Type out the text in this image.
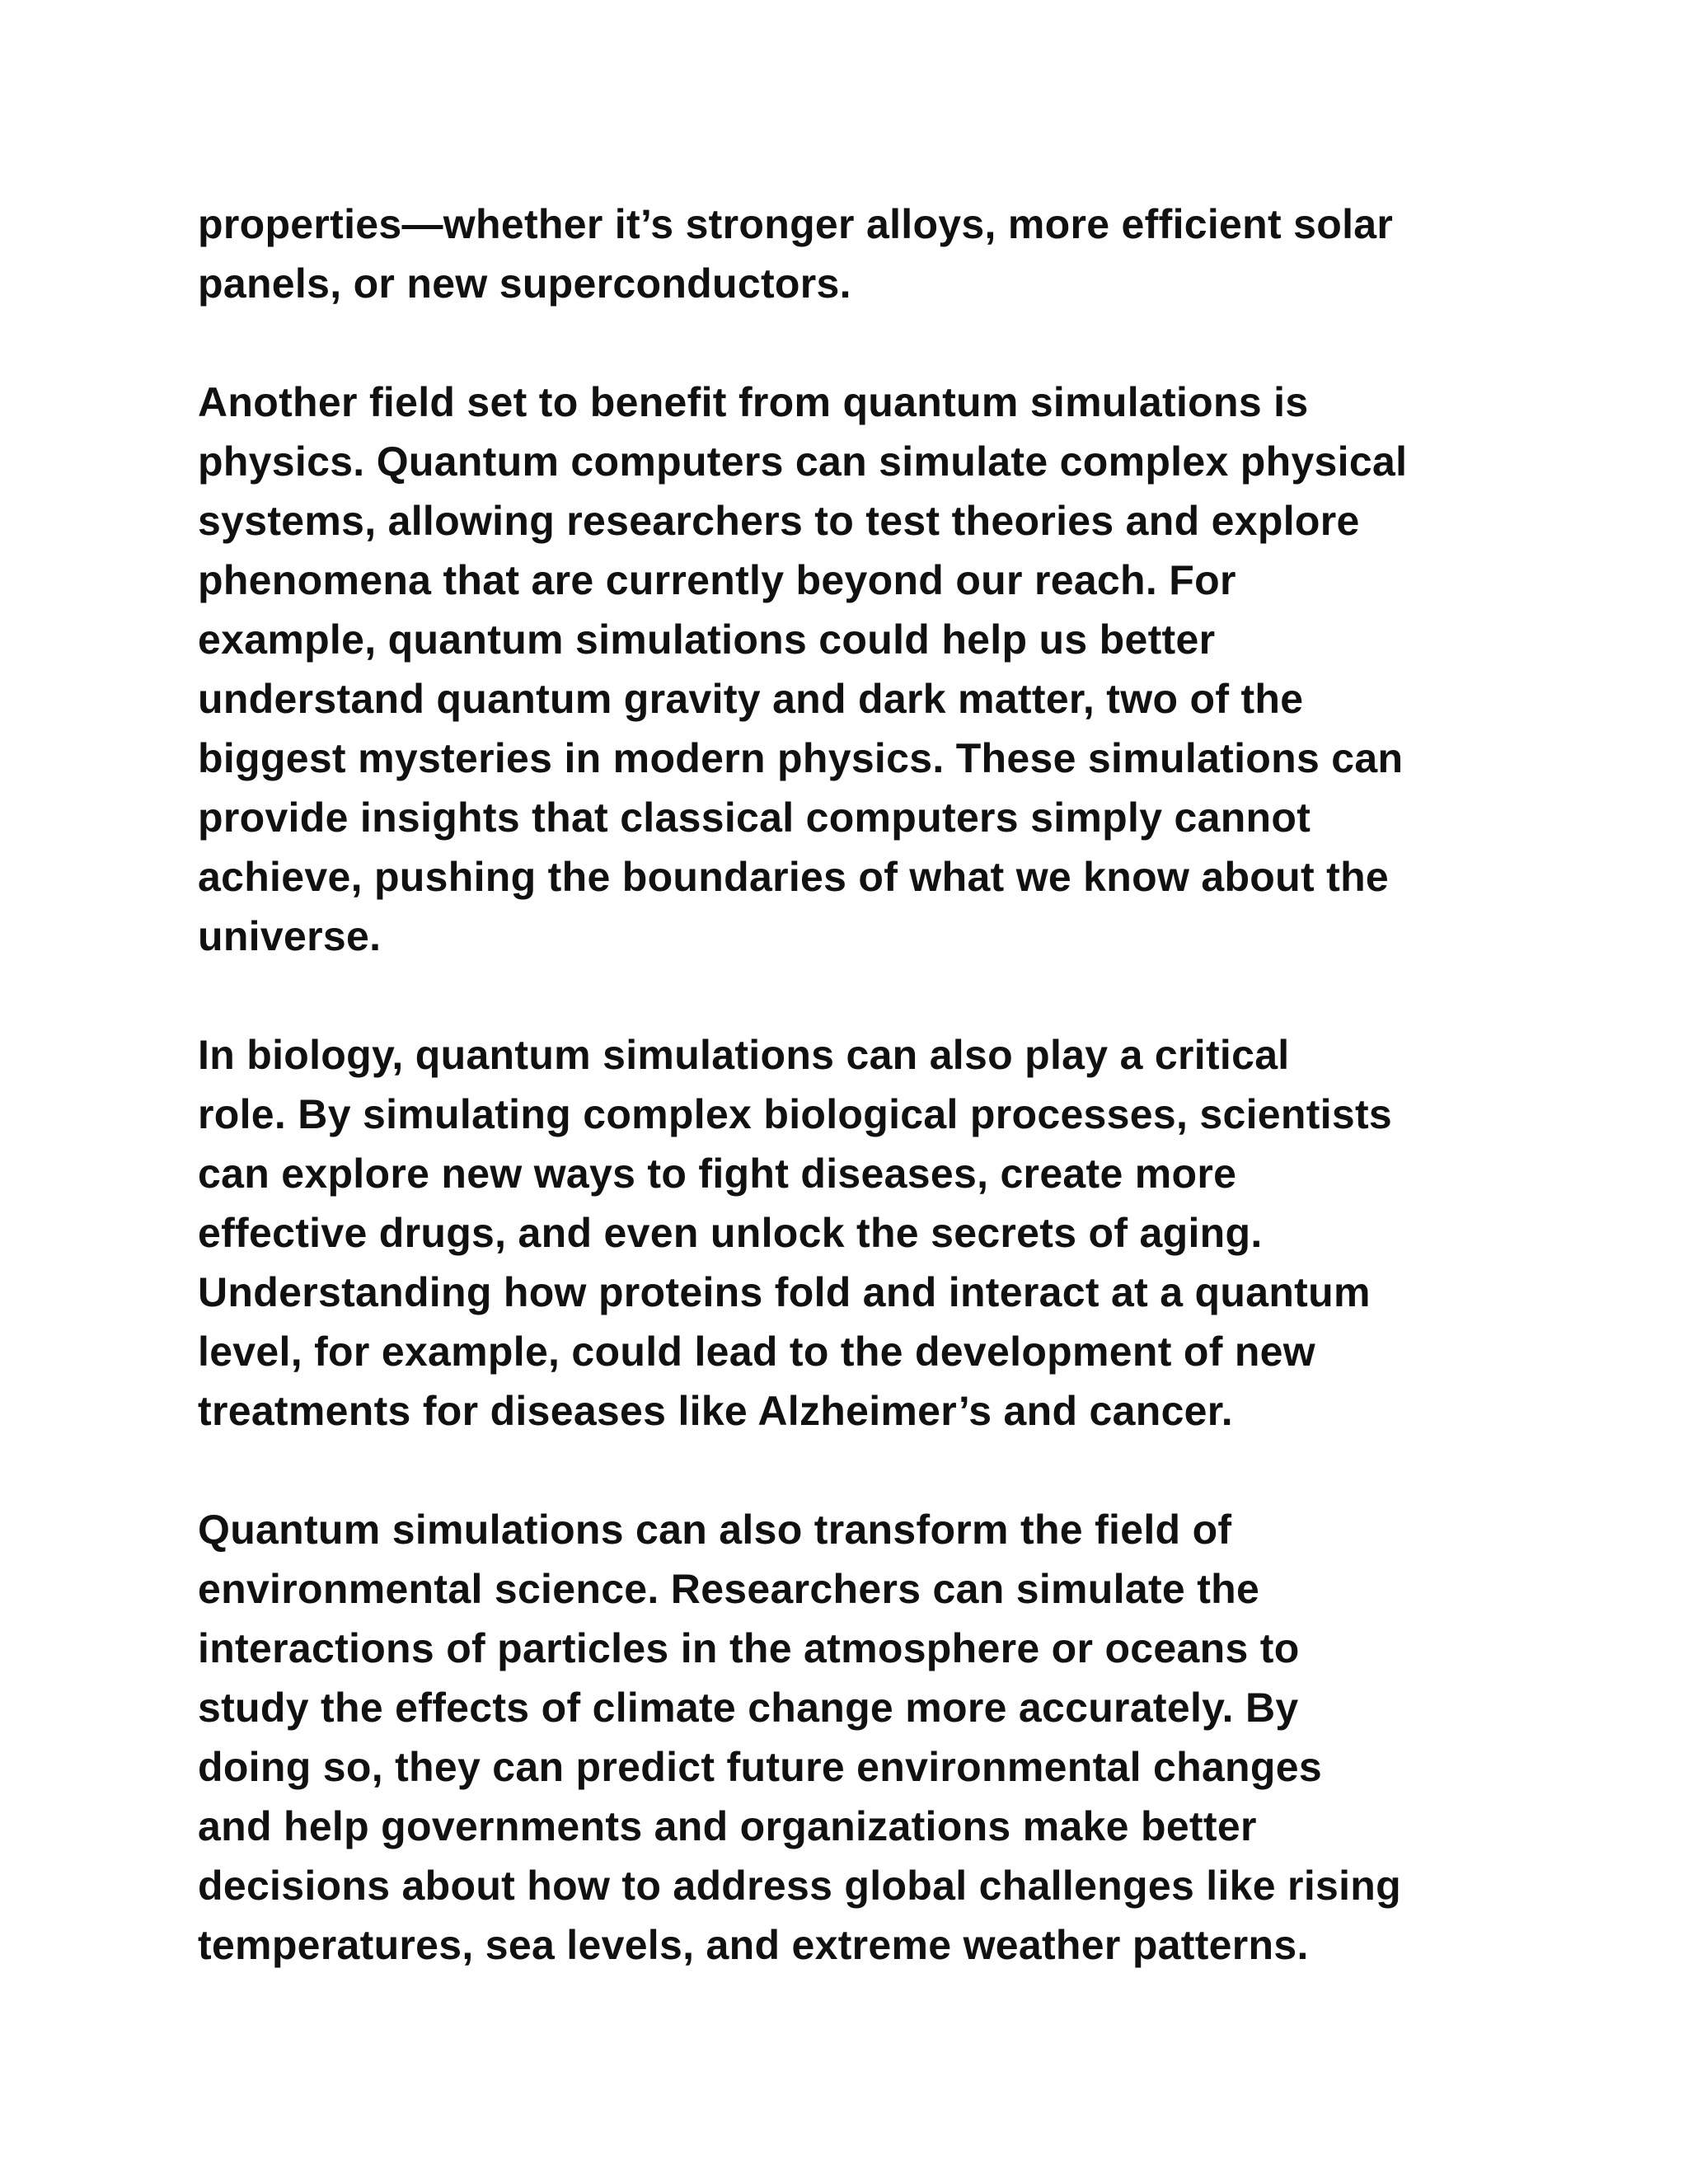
properties—whether it’s stronger alloys, more efficient solar
panels, or new superconductors.

Another field set to benefit from quantum simulations is
physics. Quantum computers can simulate complex physical
systems, allowing researchers to test theories and explore
phenomena that are currently beyond our reach. For
example, quantum simulations could help us better
understand quantum gravity and dark matter, two of the
biggest mysteries in modern physics. These simulations can
provide insights that classical computers simply cannot
achieve, pushing the boundaries of what we know about the
universe.

In biology, quantum simulations can also play a critical
role. By simulating complex biological processes, scientists
can explore new ways to fight diseases, create more
effective drugs, and even unlock the secrets of aging.
Understanding how proteins fold and interact at a quantum
level, for example, could lead to the development of new
treatments for diseases like Alzheimer’s and cancer.

Quantum simulations can also transform the field of
environmental science. Researchers can simulate the
interactions of particles in the atmosphere or oceans to
study the effects of climate change more accurately. By
doing so, they can predict future environmental changes
and help governments and organizations make better
decisions about how to address global challenges like rising
temperatures, sea levels, and extreme weather patterns.
